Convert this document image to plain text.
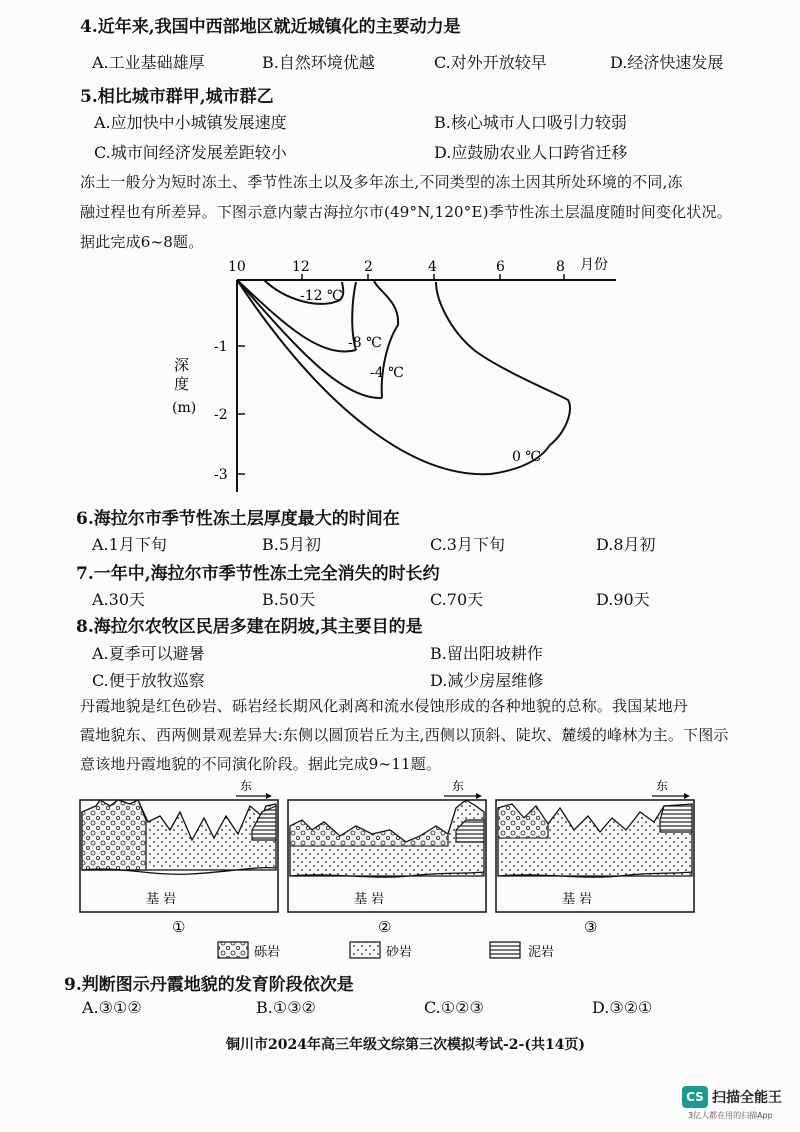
4.近年来,我国中西部地区就近城镇化的主要动力是
A.工业基础雄厚	B.自然环境优越	C.对外开放较早	D.经济快速发展
5.相比城市群甲,城市群乙
A.应加快中小城镇发展速度	B.核心城市人口吸引力较弱
C.城市间经济发展差距较小	D.应鼓励农业人口跨省迁移
冻土一般分为短时冻土、季节性冻土以及多年冻土,不同类型的冻土因其所处环境的不同,冻
融过程也有所差异。下图示意内蒙古海拉尔市(49°N,120°E)季节性冻土层温度随时间变化状况。
据此完成6~8题。
10	12	2	4	6	8 月份
-1
-2
-3
深
度
(m)
-12 ℃
-8 ℃
-4 ℃
0 ℃
6.海拉尔市季节性冻土层厚度最大的时间在
A.1月下旬	B.5月初	C.3月下旬	D.8月初
7.一年中,海拉尔市季节性冻土完全消失的时长约
A.30天	B.50天	C.70天	D.90天
8.海拉尔农牧区民居多建在阴坡,其主要目的是
A.夏季可以避暑	B.留出阳坡耕作
C.便于放牧巡察	D.减少房屋维修
丹霞地貌是红色砂岩、砾岩经长期风化剥离和流水侵蚀形成的各种地貌的总称。我国某地丹
霞地貌东、西两侧景观差异大:东侧以圆顶岩丘为主,西侧以顶斜、陡坎、麓缓的峰林为主。下图示
意该地丹霞地貌的不同演化阶段。据此完成9~11题。
基 岩
东
①
基 岩
东
②
基 岩
东
③
砾岩	砂岩	泥岩
9.判断图示丹霞地貌的发育阶段依次是
A.③①②	B.①③②	C.①②③	D.③②①
铜川市2024年高三年级文综第三次模拟考试-2-(共14页)
CS 扫描全能王
3亿人都在用的扫描App
